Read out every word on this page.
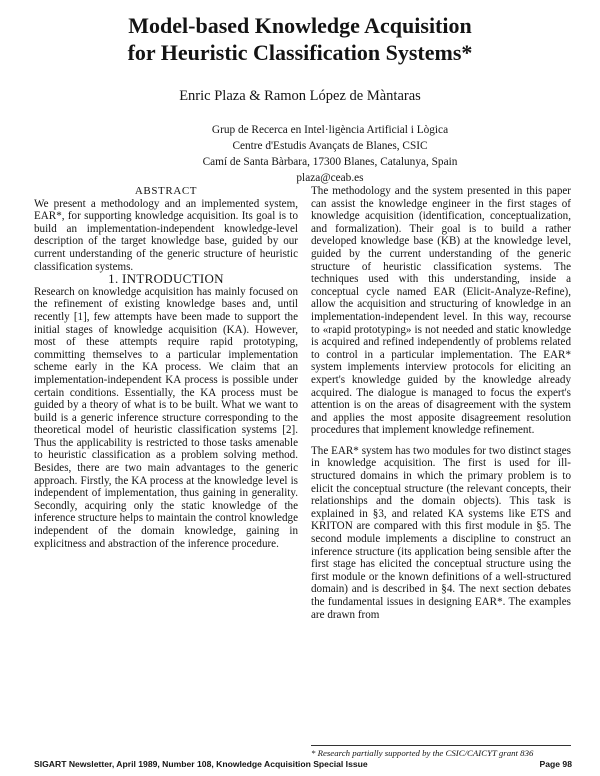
Model-based Knowledge Acquisition
for Heuristic Classification Systems*
Enric Plaza & Ramon López de Màntaras
Grup de Recerca en Intel·ligència Artificial i Lògica
Centre d'Estudis Avançats de Blanes, CSIC
Camí de Santa Bàrbara, 17300 Blanes, Catalunya, Spain
plaza@ceab.es

ABSTRACT

We present a methodology and an implemented system, EAR*, for supporting knowledge acquisition. Its goal is to build an implementation-independent knowledge-level description of the target knowledge base, guided by our current understanding of the generic structure of heuristic classification systems.

1. INTRODUCTION

Research on knowledge acquisition has mainly focused on the refinement of existing knowledge bases and, until recently [1], few attempts have been made to support the initial stages of knowledge acquisition (KA). However, most of these attempts require rapid prototyping, committing themselves to a particular implementation scheme early in the KA process. We claim that an implementation-independent KA process is possible under certain conditions. Essentially, the KA process must be guided by a theory of what is to be built. What we want to build is a generic inference structure corresponding to the theoretical model of heuristic classification systems [2]. Thus the applicability is restricted to those tasks amenable to heuristic classification as a problem solving method. Besides, there are two main advantages to the generic approach. Firstly, the KA process at the knowledge level is independent of implementation, thus gaining in generality. Secondly, acquiring only the static knowledge of the inference structure helps to maintain the control knowledge independent of the domain knowledge, gaining in explicitness and abstraction of the inference procedure.

The methodology and the system presented in this paper can assist the knowledge engineer in the first stages of knowledge acquisition (identification, conceptualization, and formalization). Their goal is to build a rather developed knowledge base (KB) at the knowledge level, guided by the current understanding of the generic structure of heuristic classification systems. The techniques used with this understanding, inside a conceptual cycle named EAR (Elicit-Analyze-Refine), allow the acquisition and structuring of knowledge in an implementation-independent level. In this way, recourse to «rapid prototyping» is not needed and static knowledge is acquired and refined independently of problems related to control in a particular implementation. The EAR* system implements interview protocols for eliciting an expert's knowledge guided by the knowledge already acquired. The dialogue is managed to focus the expert's attention is on the areas of disagreement with the system and applies the most apposite disagreement resolution procedures that implement knowledge refinement.

The EAR* system has two modules for two distinct stages in knowledge acquisition. The first is used for ill-structured domains in which the primary problem is to elicit the conceptual structure (the relevant concepts, their relationships and the domain objects). This task is explained in §3, and related KA systems like ETS and KRITON are compared with this first module in §5. The second module implements a discipline to construct an inference structure (its application being sensible after the first stage has elicited the conceptual structure using the first module or the known definitions of a well-structured domain) and is described in §4. The next section debates the fundamental issues in designing EAR*. The examples are drawn from

* Research partially supported by the CSIC/CAICYT grant 836
SIGART Newsletter, April 1989, Number 108, Knowledge Acquisition Special Issue	Page 98
